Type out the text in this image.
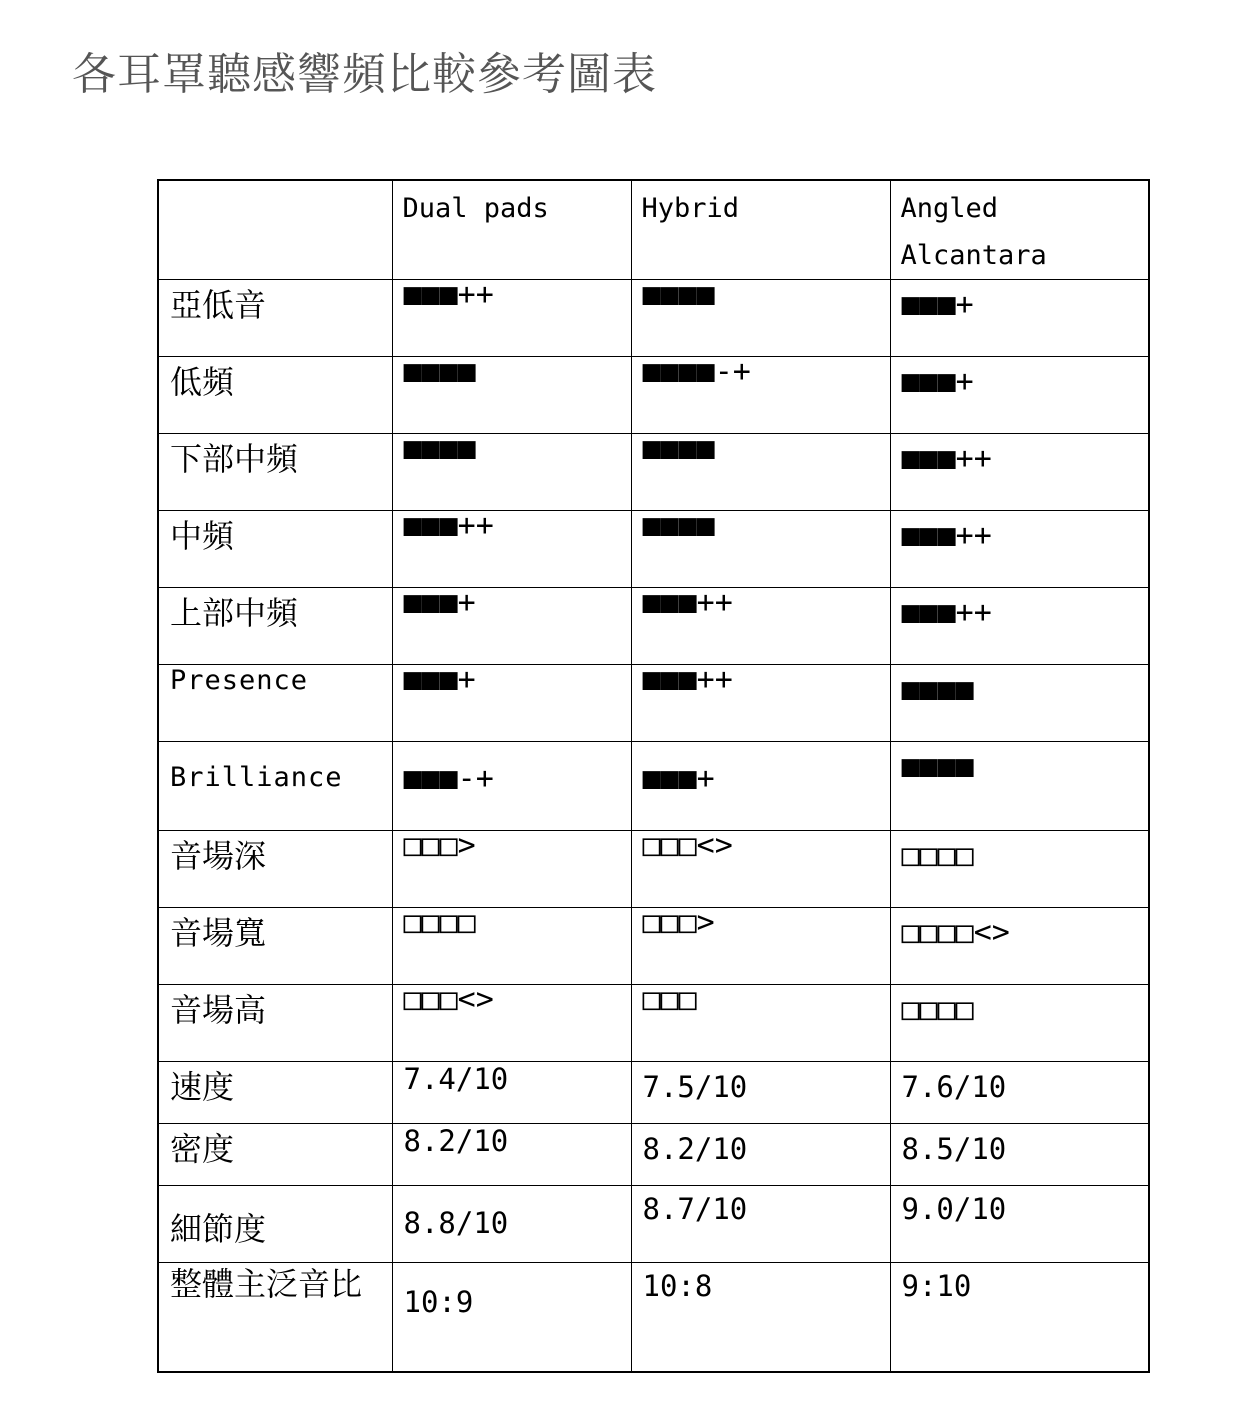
各耳罩聽感響頻比較參考圖表

	Dual pads	Hybrid	Angled
Alcantara

亞低音	■■■++	■■■■	■■■+

低頻	■■■■	■■■■-+	■■■+

下部中頻	■■■■	■■■■	■■■++

中頻	■■■++	■■■■	■■■++

上部中頻	■■■+	■■■++	■■■++

Presence	■■■+	■■■++	■■■■

Brilliance	■■■-+	■■■+	■■■■

音場深	□□□>	□□□<>	□□□□

音場寬	□□□□	□□□>	□□□□<>

音場高	□□□<>	□□□	□□□□

速度	7.4/10	7.5/10	7.6/10

密度	8.2/10	8.2/10	8.5/10

細節度	8.8/10	8.7/10	9.0/10

整體主泛音比	10:9	10:8	9:10
